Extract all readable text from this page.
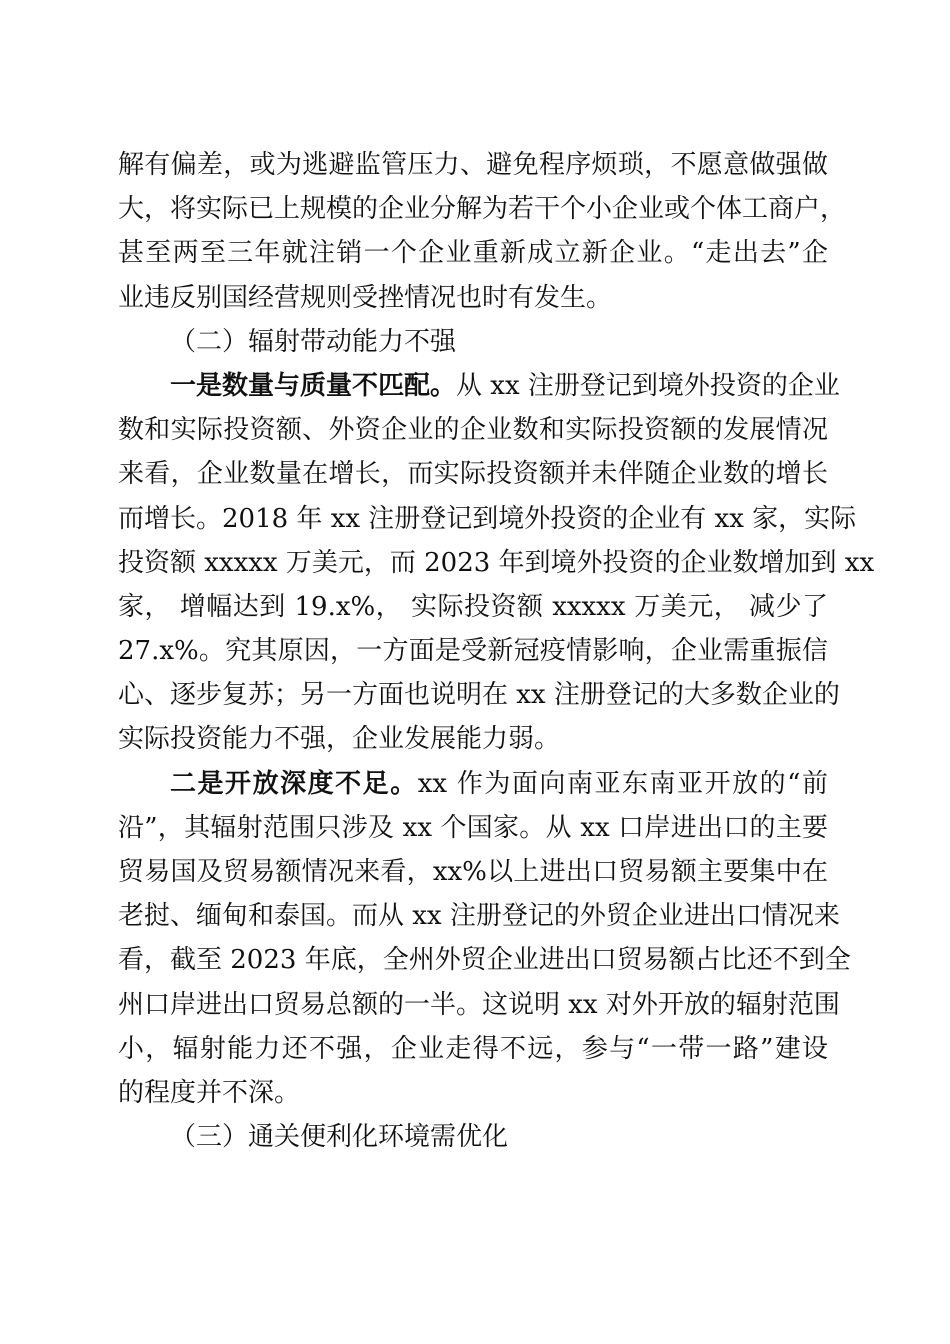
解有偏差，或为逃避监管压力、避免程序烦琐，不愿意做强做
大，将实际已上规模的企业分解为若干个小企业或个体工商户，
甚至两至三年就注销一个企业重新成立新企业。“走出去”企
业违反别国经营规则受挫情况也时有发生。
（二）辐射带动能力不强
一是数量与质量不匹配。从 xx 注册登记到境外投资的企业
数和实际投资额、外资企业的企业数和实际投资额的发展情况
来看，企业数量在增长，而实际投资额并未伴随企业数的增长
而增长。2018 年 xx 注册登记到境外投资的企业有 xx 家，实际
投资额 xxxxx 万美元，而 2023 年到境外投资的企业数增加到 xx
家， 增幅达到 19.x%， 实际投资额 xxxxx 万美元， 减少了
27.x%。究其原因，一方面是受新冠疫情影响，企业需重振信
心、逐步复苏；另一方面也说明在 xx 注册登记的大多数企业的
实际投资能力不强，企业发展能力弱。
二是开放深度不足。xx 作为面向南亚东南亚开放的“前
沿”，其辐射范围只涉及 xx 个国家。从 xx 口岸进出口的主要
贸易国及贸易额情况来看，xx%以上进出口贸易额主要集中在
老挝、缅甸和泰国。而从 xx 注册登记的外贸企业进出口情况来
看，截至 2023 年底，全州外贸企业进出口贸易额占比还不到全
州口岸进出口贸易总额的一半。这说明 xx 对外开放的辐射范围
小，辐射能力还不强，企业走得不远，参与“一带一路”建设
的程度并不深。
（三）通关便利化环境需优化
